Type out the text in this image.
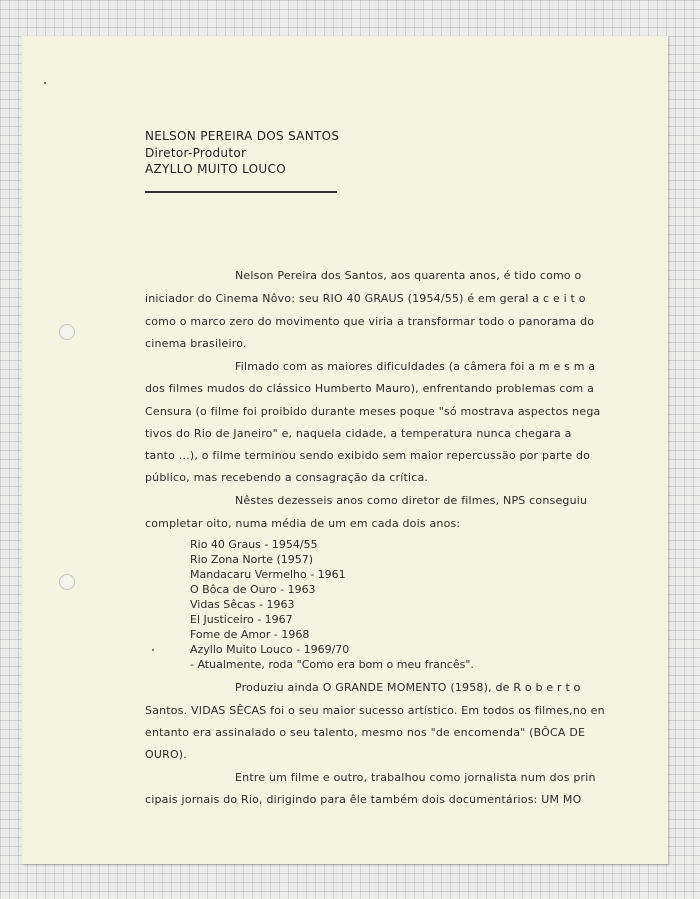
NELSON PEREIRA DOS SANTOS
Diretor-Produtor
AZYLLO MUITO LOUCO
Nelson Pereira dos Santos, aos quarenta anos, é tido como o
iniciador do Cinema Nôvo: seu RIO 40 GRAUS (1954/55) é em geral a c e i t o
como o marco zero do movimento que viria a transformar todo o panorama do
cinema brasileiro.
Filmado com as maiores dificuldades (a câmera foi a m e s m a
dos filmes mudos do clássico Humberto Mauro), enfrentando problemas com a
Censura (o filme foi proibido durante meses poque "só mostrava aspectos nega
tivos do Rio de Janeiro" e, naquela cidade, a temperatura nunca chegara a
tanto ...), o filme terminou sendo exibido sem maior repercussão por parte do
público, mas recebendo a consagração da crítica.
Nêstes dezesseis anos como diretor de filmes, NPS conseguiu
completar oito, numa média de um em cada dois anos:
Rio 40 Graus - 1954/55
Rio Zona Norte (1957)
Mandacaru Vermelho - 1961
O Bôca de Ouro - 1963
Vidas Sêcas - 1963
El Justiceiro - 1967
Fome de Amor - 1968
Azyllo Muito Louco - 1969/70
- Atualmente, roda "Como era bom o meu francês".
Produziu ainda O GRANDE MOMENTO (1958), de R o b e r t o
Santos. VIDAS SÊCAS foi o seu maior sucesso artístico. Em todos os filmes,no en
entanto era assinalado o seu talento, mesmo nos "de encomenda" (BÔCA DE
OURO).
Entre um filme e outro, trabalhou como jornalista num dos prin
cipais jornais do Rio, dirigindo para êle também dois documentários: UM MO
